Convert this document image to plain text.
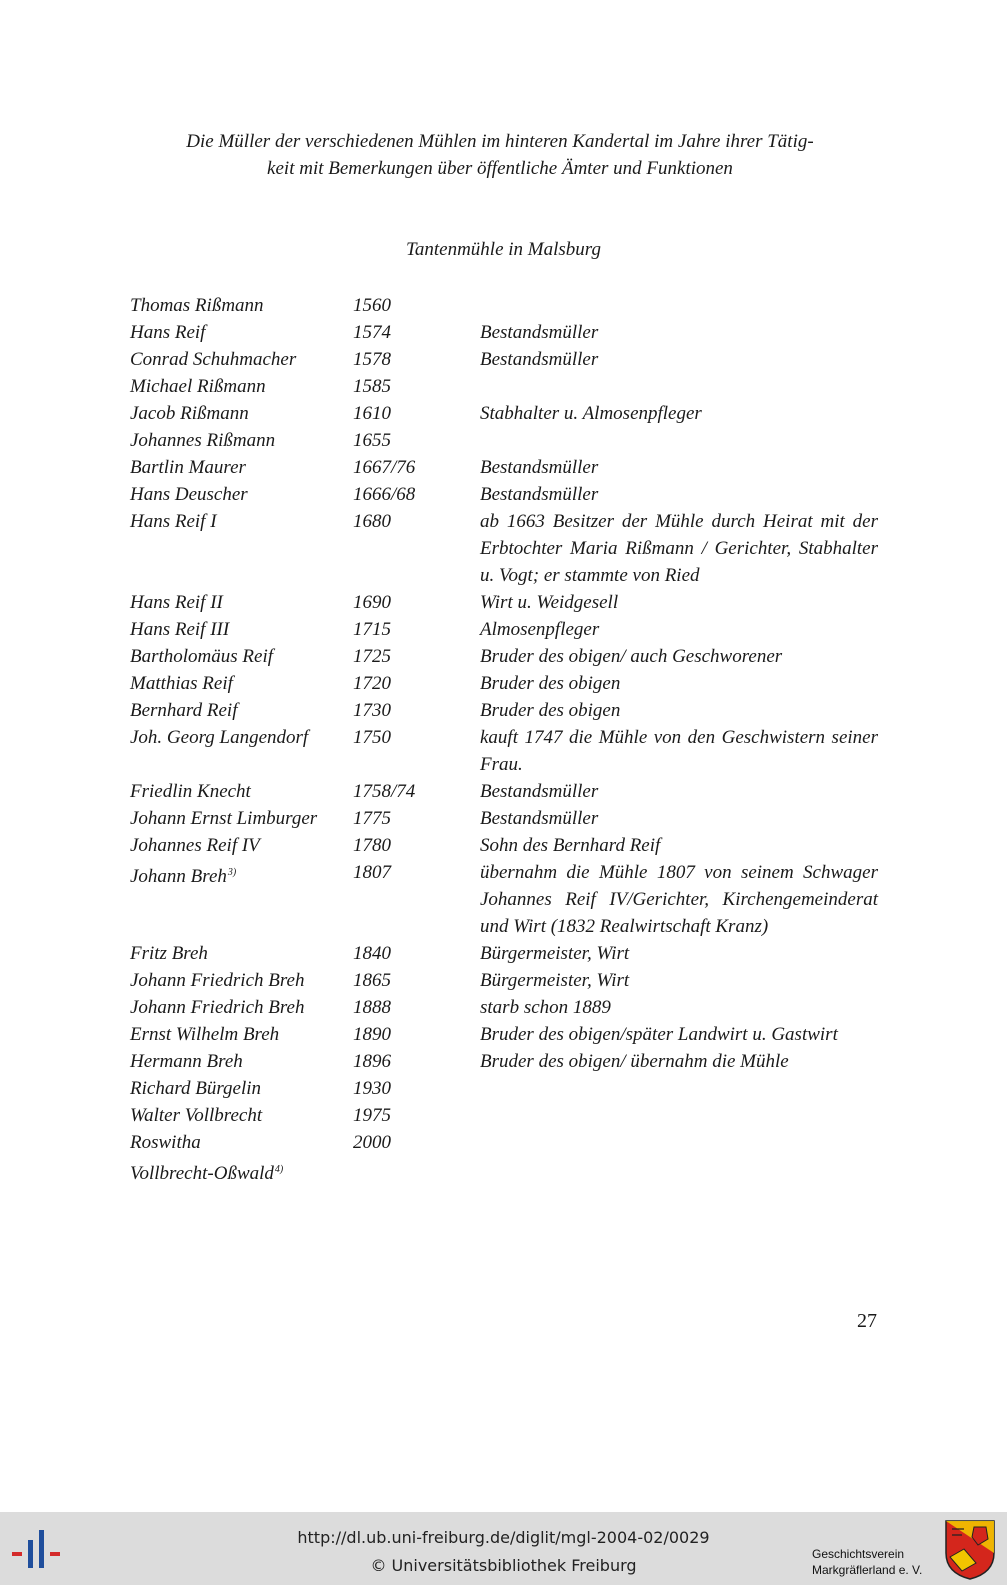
Die Müller der verschiedenen Mühlen im hinteren Kandertal im Jahre ihrer Tätig-
keit mit Bemerkungen über öffentliche Ämter und Funktionen
Tantenmühle in Malsburg
Thomas Rißmann	1560
Hans Reif	1574	Bestandsmüller
Conrad Schuhmacher	1578	Bestandsmüller
Michael Rißmann	1585
Jacob Rißmann	1610	Stabhalter u. Almosenpfleger
Johannes Rißmann	1655
Bartlin Maurer	1667/76	Bestandsmüller
Hans Deuscher	1666/68	Bestandsmüller
Hans Reif I	1680	ab 1663 Besitzer der Mühle durch Heirat mit der Erbtochter Maria Rißmann / Gerichter, Stabhalter u. Vogt; er stammte von Ried
Hans Reif II	1690	Wirt u. Weidgesell
Hans Reif III	1715	Almosenpfleger
Bartholomäus Reif	1725	Bruder des obigen/ auch Geschworener
Matthias Reif	1720	Bruder des obigen
Bernhard Reif	1730	Bruder des obigen
Joh. Georg Langendorf	1750	kauft 1747 die Mühle von den Geschwistern seiner Frau.
Friedlin Knecht	1758/74	Bestandsmüller
Johann Ernst Limburger	1775	Bestandsmüller
Johannes Reif IV	1780	Sohn des Bernhard Reif
Johann Breh$^{3)}$	1807	übernahm die Mühle 1807 von seinem Schwager Johannes Reif IV/Gerichter, Kirchengemeinderat und Wirt (1832 Realwirtschaft Kranz)
Fritz Breh	1840	Bürgermeister, Wirt
Johann Friedrich Breh	1865	Bürgermeister, Wirt
Johann Friedrich Breh	1888	starb schon 1889
Ernst Wilhelm Breh	1890	Bruder des obigen/später Landwirt u. Gastwirt
Hermann Breh	1896	Bruder des obigen/ übernahm die Mühle
Richard Bürgelin	1930
Walter Vollbrecht	1975
Roswitha	2000
Vollbrecht-Oßwald$^{4)}$
27
http://dl.ub.uni-freiburg.de/diglit/mgl-2004-02/0029
© Universitätsbibliothek Freiburg
Geschichtsverein
Markgräflerland e. V.
